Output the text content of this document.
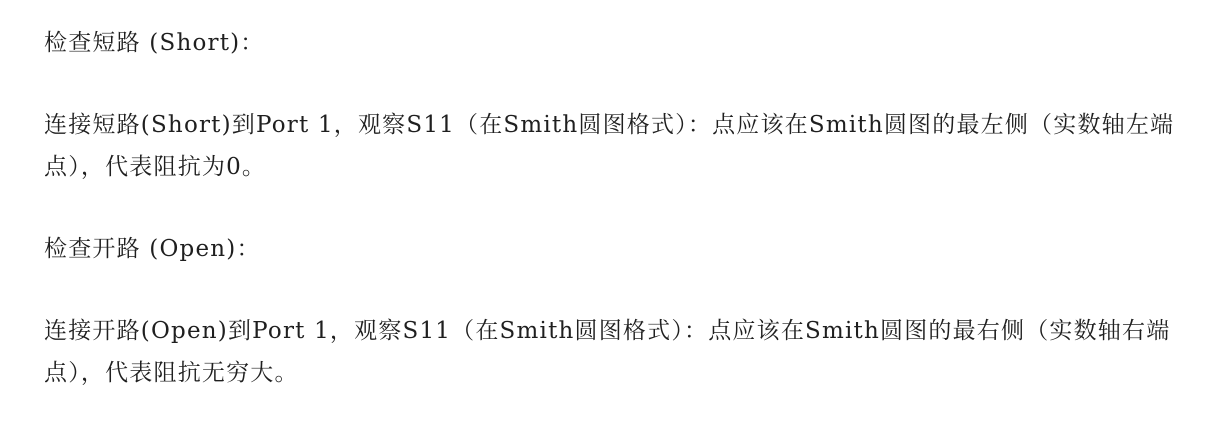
检查短路 (Short)：

连接短路(Short)到Port 1，观察S11（在Smith圆图格式）：点应该在Smith圆图的最左侧（实数轴左端点），代表阻抗为0。

检查开路 (Open)：

连接开路(Open)到Port 1，观察S11（在Smith圆图格式）：点应该在Smith圆图的最右侧（实数轴右端点），代表阻抗无穷大。
